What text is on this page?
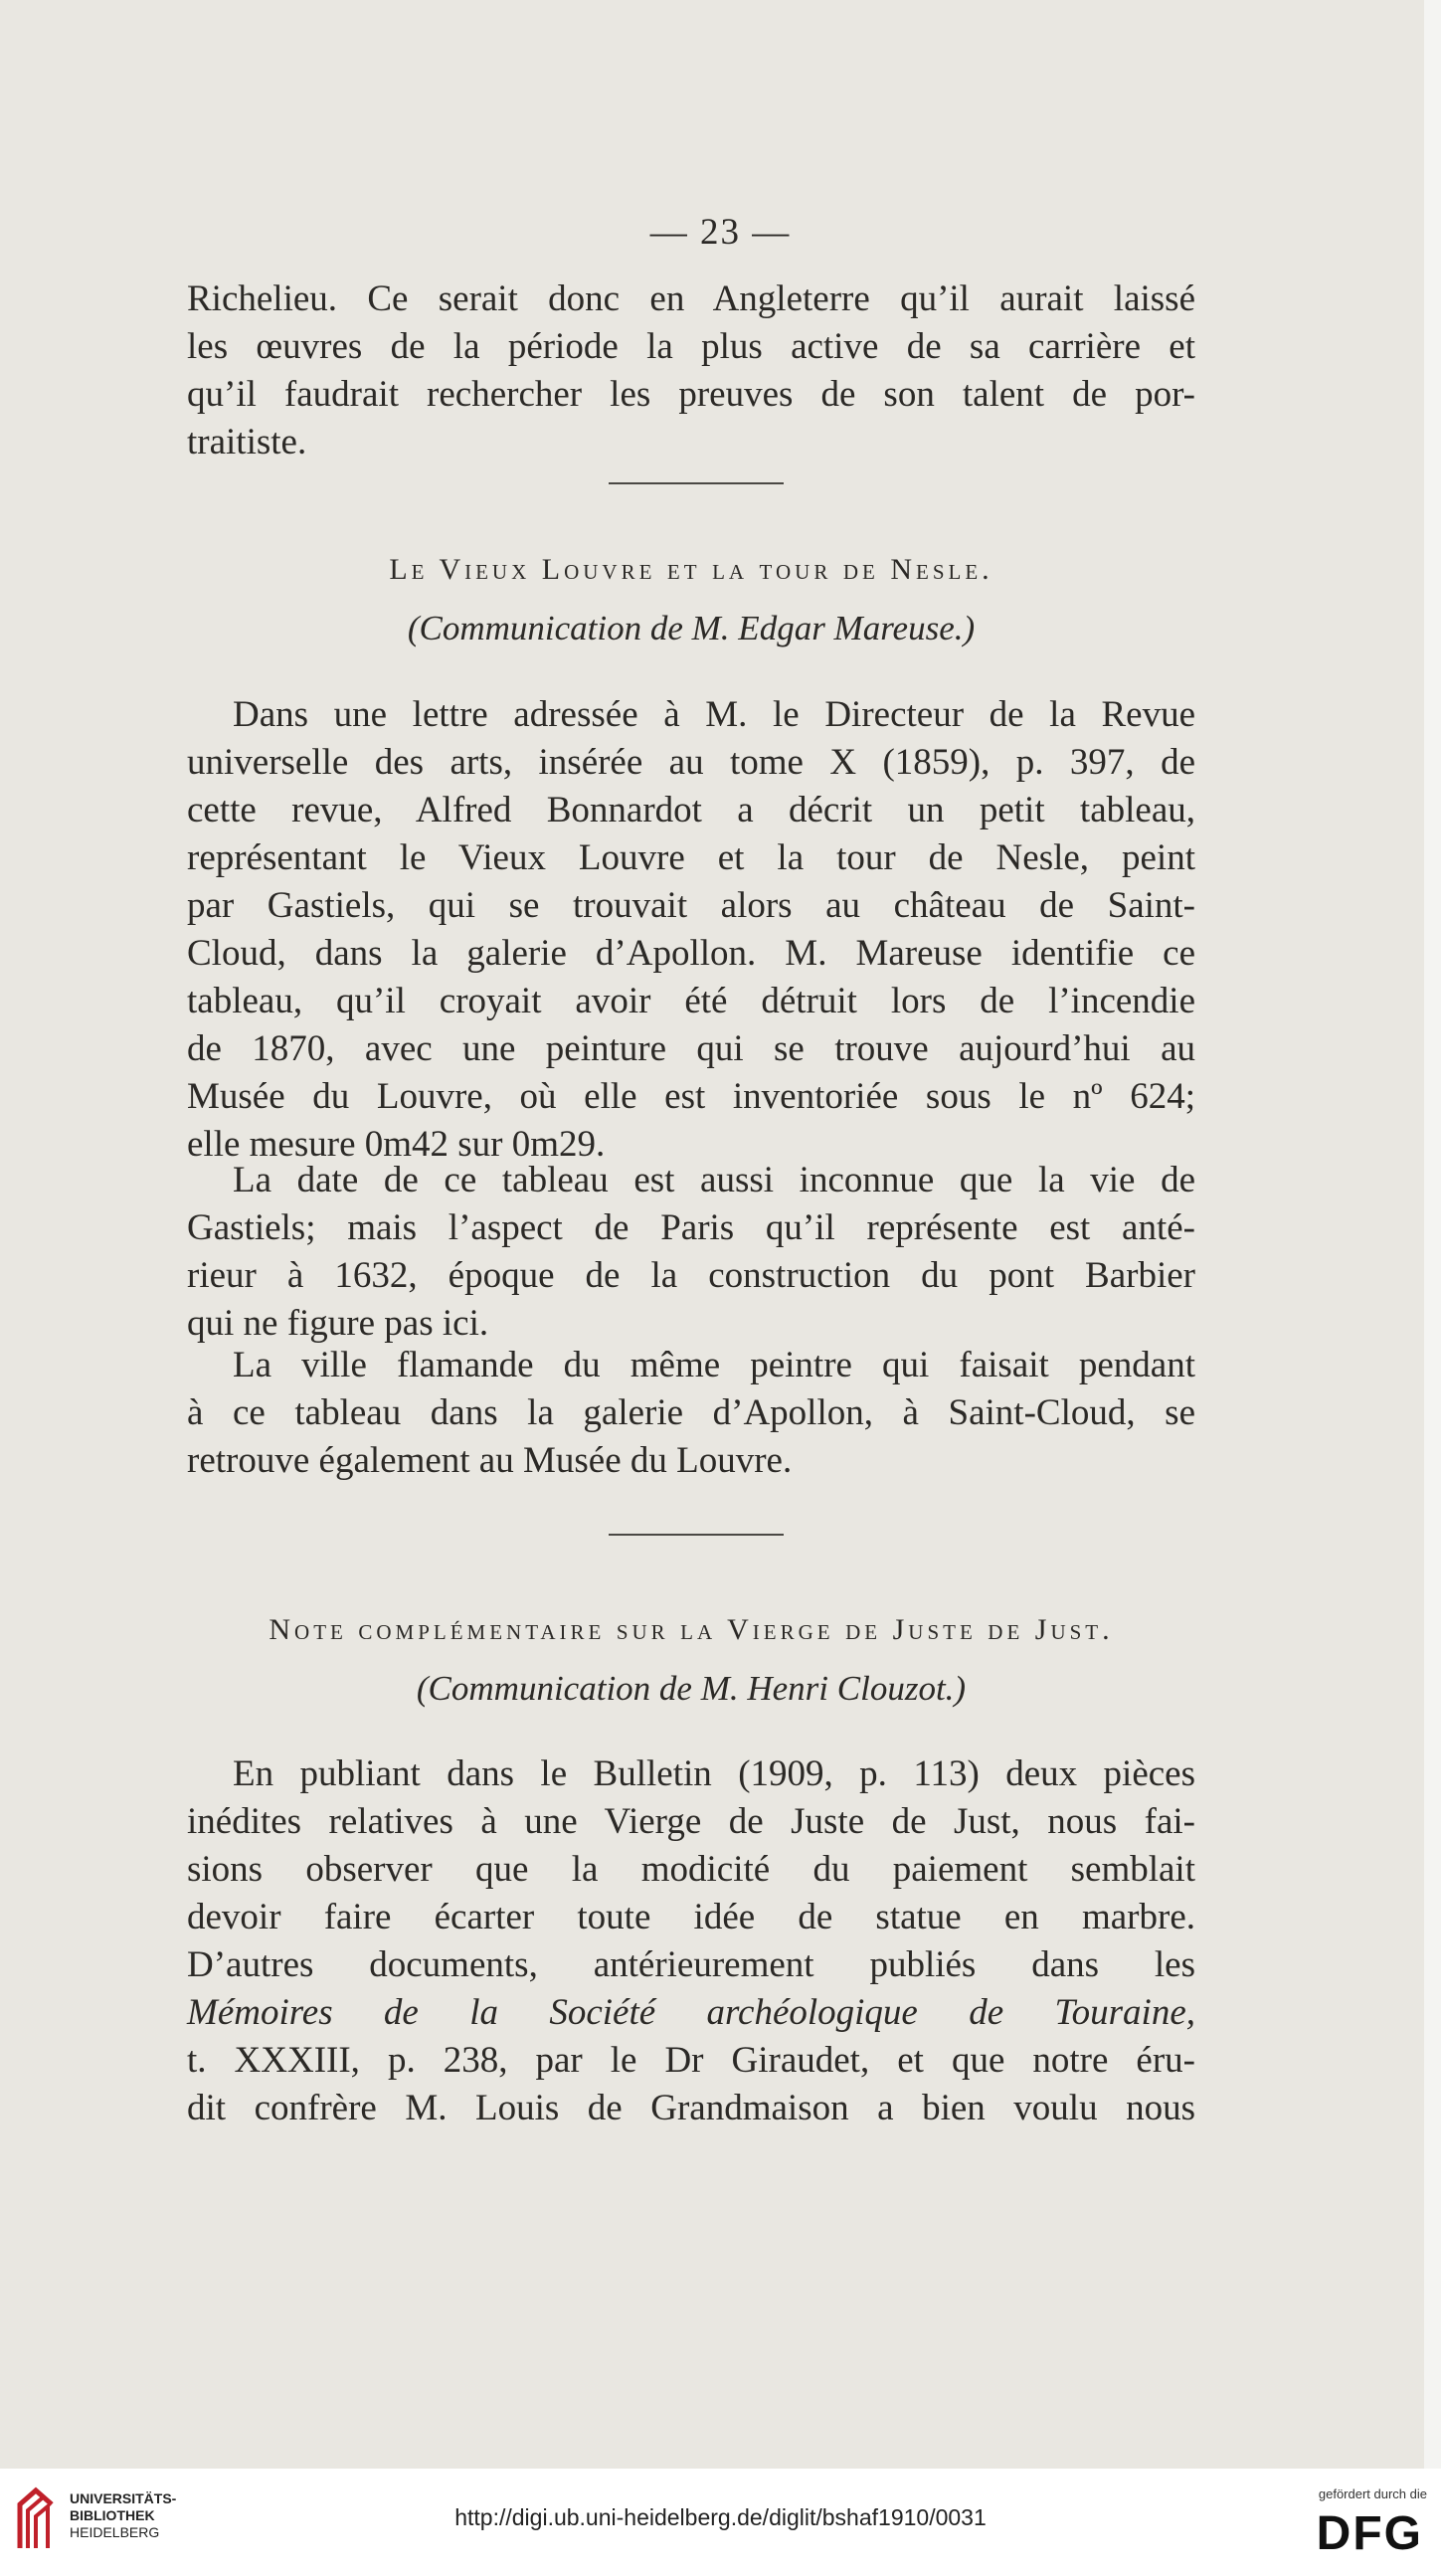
— 23 —
Richelieu. Ce serait donc en Angleterre qu’il aurait laissé
les œuvres de la période la plus active de sa carrière et
qu’il faudrait rechercher les preuves de son talent de por-
traitiste.
Le Vieux Louvre et la tour de Nesle.
(Communication de M. Edgar Mareuse.)
Dans une lettre adressée à M. le Directeur de la Revue
universelle des arts, insérée au tome X (1859), p. 397, de
cette revue, Alfred Bonnardot a décrit un petit tableau,
représentant le Vieux Louvre et la tour de Nesle, peint
par Gastiels, qui se trouvait alors au château de Saint-
Cloud, dans la galerie d’Apollon. M. Mareuse identifie ce
tableau, qu’il croyait avoir été détruit lors de l’incendie
de 1870, avec une peinture qui se trouve aujourd’hui au
Musée du Louvre, où elle est inventoriée sous le nº 624;
elle mesure 0m42 sur 0m29.
La date de ce tableau est aussi inconnue que la vie de
Gastiels; mais l’aspect de Paris qu’il représente est anté-
rieur à 1632, époque de la construction du pont Barbier
qui ne figure pas ici.
La ville flamande du même peintre qui faisait pendant
à ce tableau dans la galerie d’Apollon, à Saint-Cloud, se
retrouve également au Musée du Louvre.
Note complémentaire sur la Vierge de Juste de Just.
(Communication de M. Henri Clouzot.)
En publiant dans le Bulletin (1909, p. 113) deux pièces
inédites relatives à une Vierge de Juste de Just, nous fai-
sions observer que la modicité du paiement semblait
devoir faire écarter toute idée de statue en marbre.
D’autres documents, antérieurement publiés dans les
Mémoires de la Société archéologique de Touraine,
t. XXXIII, p. 238, par le Dr Giraudet, et que notre éru-
dit confrère M. Louis de Grandmaison a bien voulu nous
UNIVERSITÄTS-
BIBLIOTHEK
HEIDELBERG
http://digi.ub.uni-heidelberg.de/diglit/bshaf1910/0031
gefördert durch die
DFG
